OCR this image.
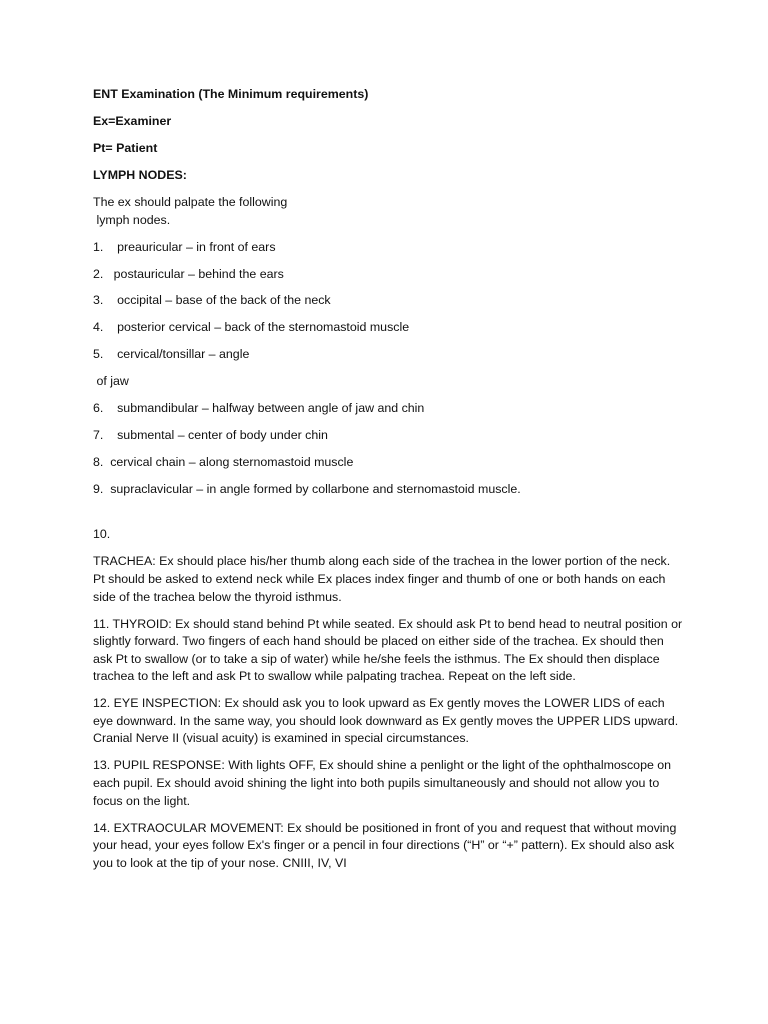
ENT Examination (The Minimum requirements)

Ex=Examiner

Pt= Patient

LYMPH NODES:

The ex should palpate the following
lymph nodes.

1.    preauricular – in front of ears

2.   postauricular – behind the ears

3.    occipital – base of the back of the neck

4.    posterior cervical – back of the sternomastoid muscle

5.    cervical/tonsillar – angle

of jaw

6.    submandibular – halfway between angle of jaw and chin

7.    submental – center of body under chin

8.  cervical chain – along sternomastoid muscle

9.  supraclavicular – in angle formed by collarbone and sternomastoid muscle.

10.

TRACHEA: Ex should place his/her thumb along each side of the trachea in the lower portion of the neck. Pt should be asked to extend neck while Ex places index finger and thumb of one or both hands on each side of the trachea below the thyroid isthmus.

11. THYROID: Ex should stand behind Pt while seated. Ex should ask Pt to bend head to neutral position or slightly forward. Two fingers of each hand should be placed on either side of the trachea. Ex should then ask Pt to swallow (or to take a sip of water) while he/she feels the isthmus. The Ex should then displace trachea to the left and ask Pt to swallow while palpating trachea. Repeat on the left side.

12. EYE INSPECTION: Ex should ask you to look upward as Ex gently moves the LOWER LIDS of each eye downward. In the same way, you should look downward as Ex gently moves the UPPER LIDS upward. Cranial Nerve II (visual acuity) is examined in special circumstances.

13. PUPIL RESPONSE: With lights OFF, Ex should shine a penlight or the light of the ophthalmoscope on each pupil. Ex should avoid shining the light into both pupils simultaneously and should not allow you to focus on the light.

14. EXTRAOCULAR MOVEMENT: Ex should be positioned in front of you and request that without moving your head, your eyes follow Ex's finger or a pencil in four directions (“H” or “+” pattern). Ex should also ask you to look at the tip of your nose. CNIII, IV, VI
